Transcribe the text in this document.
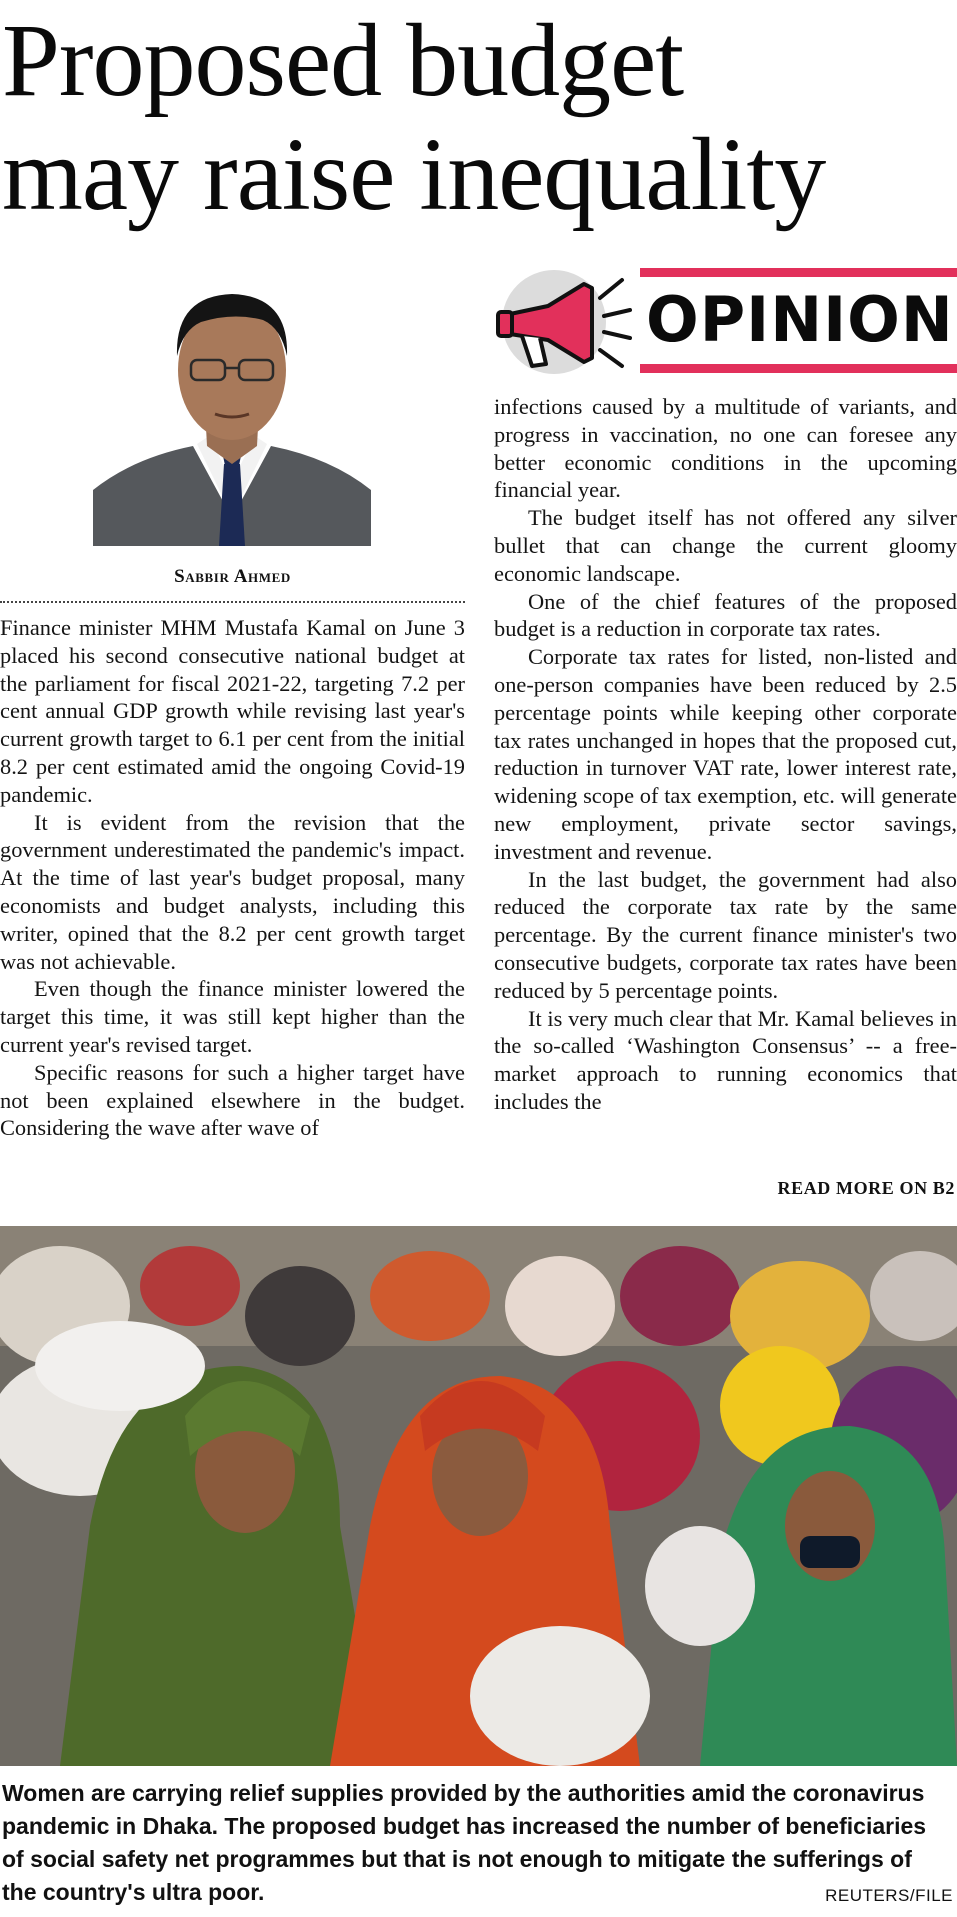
Proposed budget
may raise inequality
Sabbir Ahmed
OPINION

Finance minister MHM Mustafa Kamal on June 3 placed his second consecutive national budget at the parliament for fiscal 2021-22, targeting 7.2 per cent annual GDP growth while revising last year's current growth target to 6.1 per cent from the initial 8.2 per cent estimated amid the ongoing Covid-19 pandemic.

It is evident from the revision that the government underestimated the pandemic's impact. At the time of last year's budget proposal, many economists and budget analysts, including this writer, opined that the 8.2 per cent growth target was not achievable.

Even though the finance minister lowered the target this time, it was still kept higher than the current year's revised target.

Specific reasons for such a higher target have not been explained elsewhere in the budget. Considering the wave after wave of

infections caused by a multitude of variants, and progress in vaccination, no one can foresee any better economic conditions in the upcoming financial year.

The budget itself has not offered any silver bullet that can change the current gloomy economic landscape.

One of the chief features of the proposed budget is a reduction in corporate tax rates.

Corporate tax rates for listed, non-listed and one-person companies have been reduced by 2.5 percentage points while keeping other corporate tax rates unchanged in hopes that the proposed cut, reduction in turnover VAT rate, lower interest rate, widening scope of tax exemption, etc. will generate new employment, private sector savings, investment and revenue.

In the last budget, the government had also reduced the corporate tax rate by the same percentage. By the current finance minister's two consecutive budgets, corporate tax rates have been reduced by 5 percentage points.

It is very much clear that Mr. Kamal believes in the so-called ‘Washington Consensus’ -- a free-market approach to running economics that includes the

READ MORE ON B2
Women are carrying relief supplies provided by the authorities amid the coronavirus pandemic in Dhaka. The proposed budget has increased the number of beneficiaries of social safety net programmes but that is not enough to mitigate the sufferings of the country's ultra poor.	REUTERS/FILE
